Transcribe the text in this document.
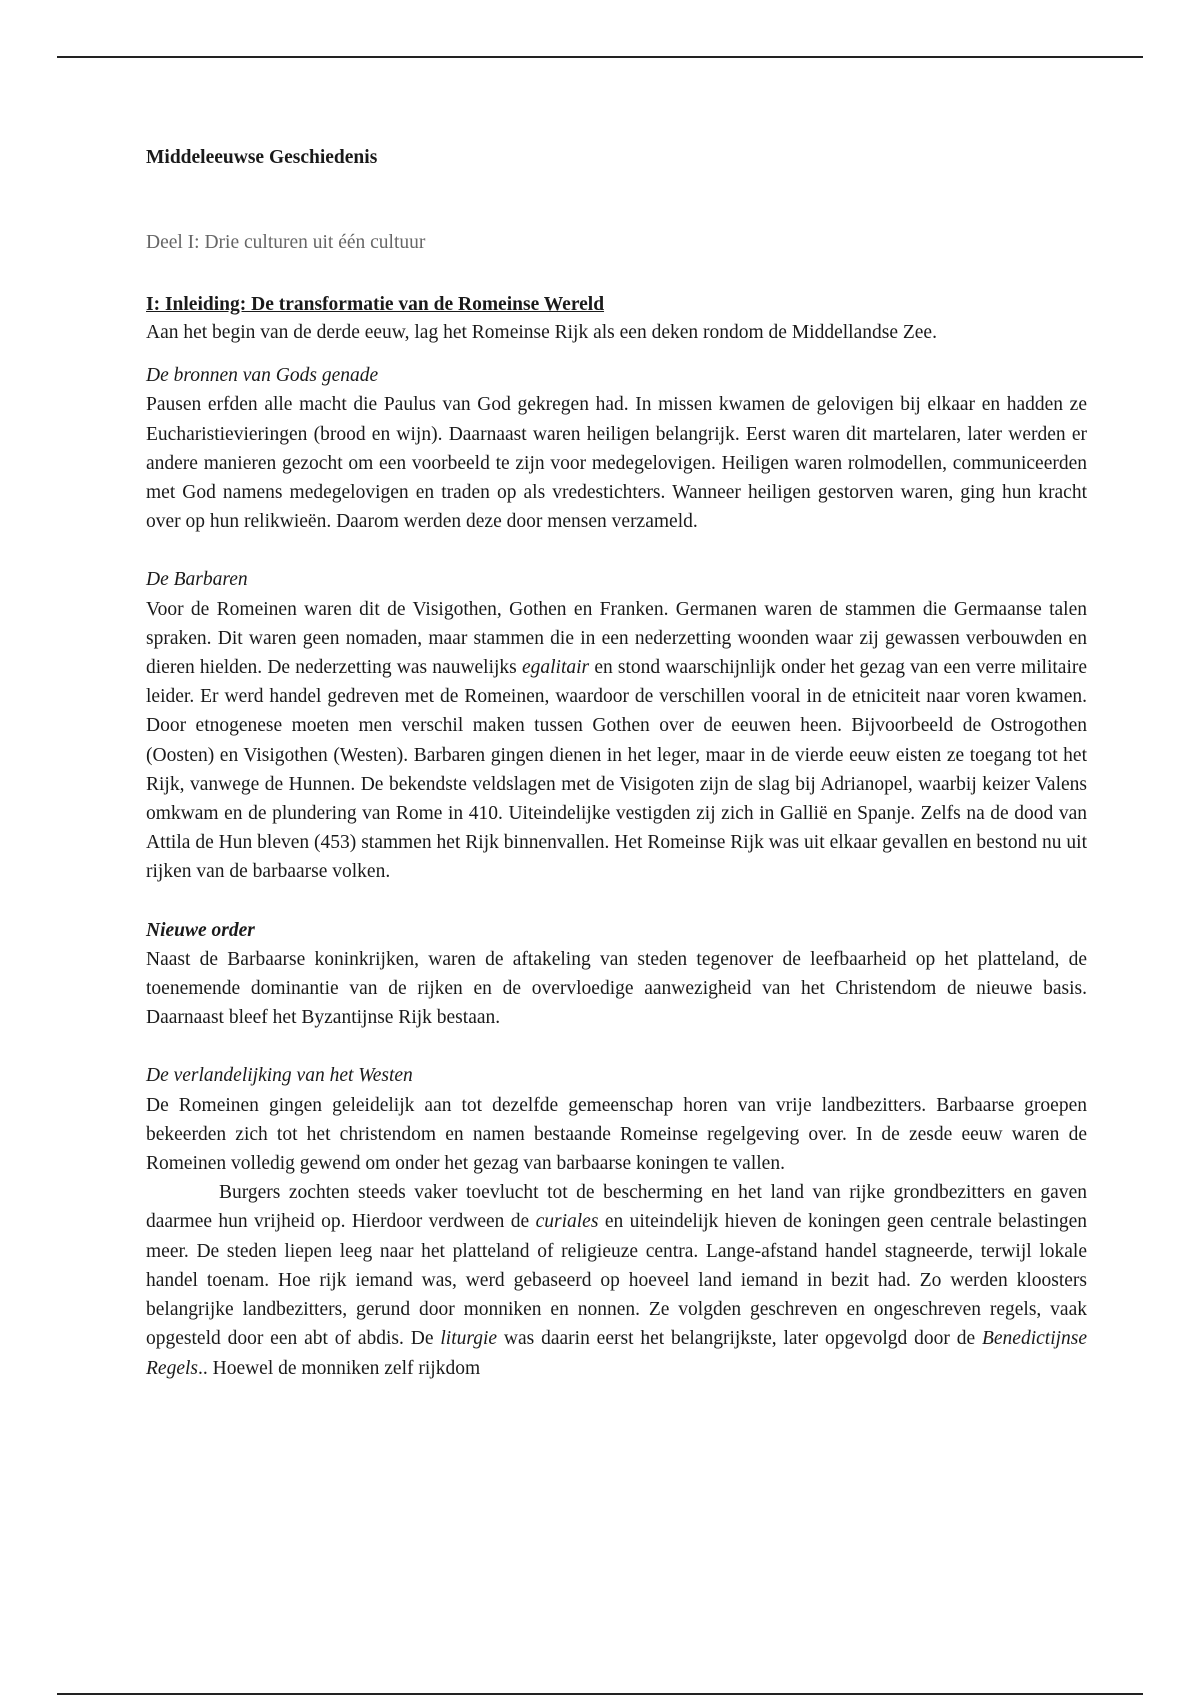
Middeleeuwse Geschiedenis
Deel I: Drie culturen uit één cultuur
I: Inleiding: De transformatie van de Romeinse Wereld

Aan het begin van de derde eeuw, lag het Romeinse Rijk als een deken rondom de Middellandse Zee.

De bronnen van Gods genade

Pausen erfden alle macht die Paulus van God gekregen had. In missen kwamen de gelovigen bij elkaar en hadden ze Eucharistievieringen (brood en wijn). Daarnaast waren heiligen belangrijk. Eerst waren dit martelaren, later werden er andere manieren gezocht om een voorbeeld te zijn voor medegelovigen. Heiligen waren rolmodellen, communiceerden met God namens medegelovigen en traden op als vredestichters. Wanneer heiligen gestorven waren, ging hun kracht over op hun relikwieën. Daarom werden deze door mensen verzameld.

De Barbaren

Voor de Romeinen waren dit de Visigothen, Gothen en Franken. Germanen waren de stammen die Germaanse talen spraken. Dit waren geen nomaden, maar stammen die in een nederzetting woonden waar zij gewassen verbouwden en dieren hielden. De nederzetting was nauwelijks egalitair en stond waarschijnlijk onder het gezag van een verre militaire leider. Er werd handel gedreven met de Romeinen, waardoor de verschillen vooral in de etniciteit naar voren kwamen. Door etnogenese moeten men verschil maken tussen Gothen over de eeuwen heen. Bijvoorbeeld de Ostrogothen (Oosten) en Visigothen (Westen). Barbaren gingen dienen in het leger, maar in de vierde eeuw eisten ze toegang tot het Rijk, vanwege de Hunnen. De bekendste veldslagen met de Visigoten zijn de slag bij Adrianopel, waarbij keizer Valens omkwam en de plundering van Rome in 410. Uiteindelijke vestigden zij zich in Gallië en Spanje. Zelfs na de dood van Attila de Hun bleven (453) stammen het Rijk binnenvallen. Het Romeinse Rijk was uit elkaar gevallen en bestond nu uit rijken van de barbaarse volken.

Nieuwe order

Naast de Barbaarse koninkrijken, waren de aftakeling van steden tegenover de leefbaarheid op het platteland, de toenemende dominantie van de rijken en de overvloedige aanwezigheid van het Christendom de nieuwe basis. Daarnaast bleef het Byzantijnse Rijk bestaan.

De verlandelijking van het Westen

De Romeinen gingen geleidelijk aan tot dezelfde gemeenschap horen van vrije landbezitters. Barbaarse groepen bekeerden zich tot het christendom en namen bestaande Romeinse regelgeving over. In de zesde eeuw waren de Romeinen volledig gewend om onder het gezag van barbaarse koningen te vallen.

Burgers zochten steeds vaker toevlucht tot de bescherming en het land van rijke grondbezitters en gaven daarmee hun vrijheid op. Hierdoor verdween de curiales en uiteindelijk hieven de koningen geen centrale belastingen meer. De steden liepen leeg naar het platteland of religieuze centra. Lange-afstand handel stagneerde, terwijl lokale handel toenam. Hoe rijk iemand was, werd gebaseerd op hoeveel land iemand in bezit had. Zo werden kloosters belangrijke landbezitters, gerund door monniken en nonnen. Ze volgden geschreven en ongeschreven regels, vaak opgesteld door een abt of abdis. De liturgie was daarin eerst het belangrijkste, later opgevolgd door de Benedictijnse Regels.. Hoewel de monniken zelf rijkdom
